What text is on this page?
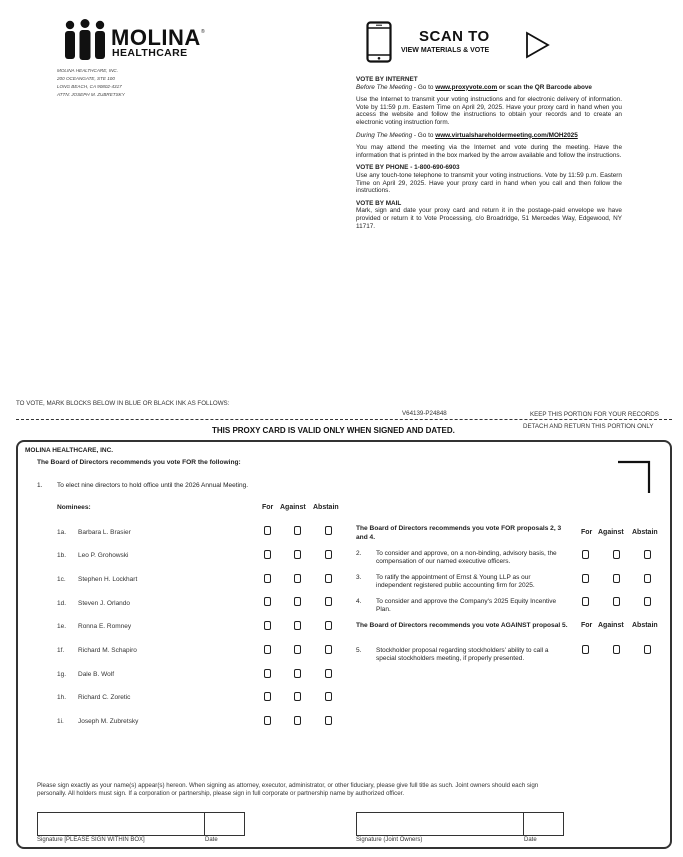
MOLINA ®
HEALTHCARE
MOLINA HEALTHCARE, INC.
200 OCEANGATE, STE 100
LONG BEACH, CA 90802-4317
ATTN: JOSEPH M. ZUBRETSKY
SCAN TO
VIEW MATERIALS & VOTE
VOTE BY INTERNET
Before The Meeting - Go to www.proxyvote.com or scan the QR Barcode above
Use the Internet to transmit your voting instructions and for electronic delivery of information. Vote by 11:59 p.m. Eastern Time on April 29, 2025. Have your proxy card in hand when you access the website and follow the instructions to obtain your records and to create an electronic voting instruction form.
During The Meeting - Go to www.virtualshareholdermeeting.com/MOH2025
You may attend the meeting via the Internet and vote during the meeting. Have the information that is printed in the box marked by the arrow available and follow the instructions.
VOTE BY PHONE - 1-800-690-6903
Use any touch-tone telephone to transmit your voting instructions. Vote by 11:59 p.m. Eastern Time on April 29, 2025. Have your proxy card in hand when you call and then follow the instructions.
VOTE BY MAIL
Mark, sign and date your proxy card and return it in the postage-paid envelope we have provided or return it to Vote Processing, c/o Broadridge, 51 Mercedes Way, Edgewood, NY 11717.
TO VOTE, MARK BLOCKS BELOW IN BLUE OR BLACK INK AS FOLLOWS:
V64139-P24848	KEEP THIS PORTION FOR YOUR RECORDS
DETACH AND RETURN THIS PORTION ONLY
THIS PROXY CARD IS VALID ONLY WHEN SIGNED AND DATED.
MOLINA HEALTHCARE, INC.
The Board of Directors recommends you vote FOR the following:
1. To elect nine directors to hold office until the 2026 Annual Meeting.
Nominees:	For Against Abstain
1a. Barbara L. Brasier
1b. Leo P. Grohowski
1c. Stephen H. Lockhart
1d. Steven J. Orlando
1e. Ronna E. Romney
1f. Richard M. Schapiro
1g. Dale B. Wolf
1h. Richard C. Zoretic
1i. Joseph M. Zubretsky
The Board of Directors recommends you vote FOR proposals 2, 3 and 4.
For Against Abstain
2. To consider and approve, on a non-binding, advisory basis, the compensation of our named executive officers.
3. To ratify the appointment of Ernst & Young LLP as our independent registered public accounting firm for 2025.
4. To consider and approve the Company's 2025 Equity Incentive Plan.
The Board of Directors recommends you vote AGAINST proposal 5.	For Against Abstain
5. Stockholder proposal regarding stockholders' ability to call a special stockholders meeting, if properly presented.
Please sign exactly as your name(s) appear(s) hereon. When signing as attorney, executor, administrator, or other fiduciary, please give full title as such. Joint owners should each sign personally. All holders must sign. If a corporation or partnership, please sign in full corporate or partnership name by authorized officer.
Signature [PLEASE SIGN WITHIN BOX]	Date	Signature (Joint Owners)	Date
